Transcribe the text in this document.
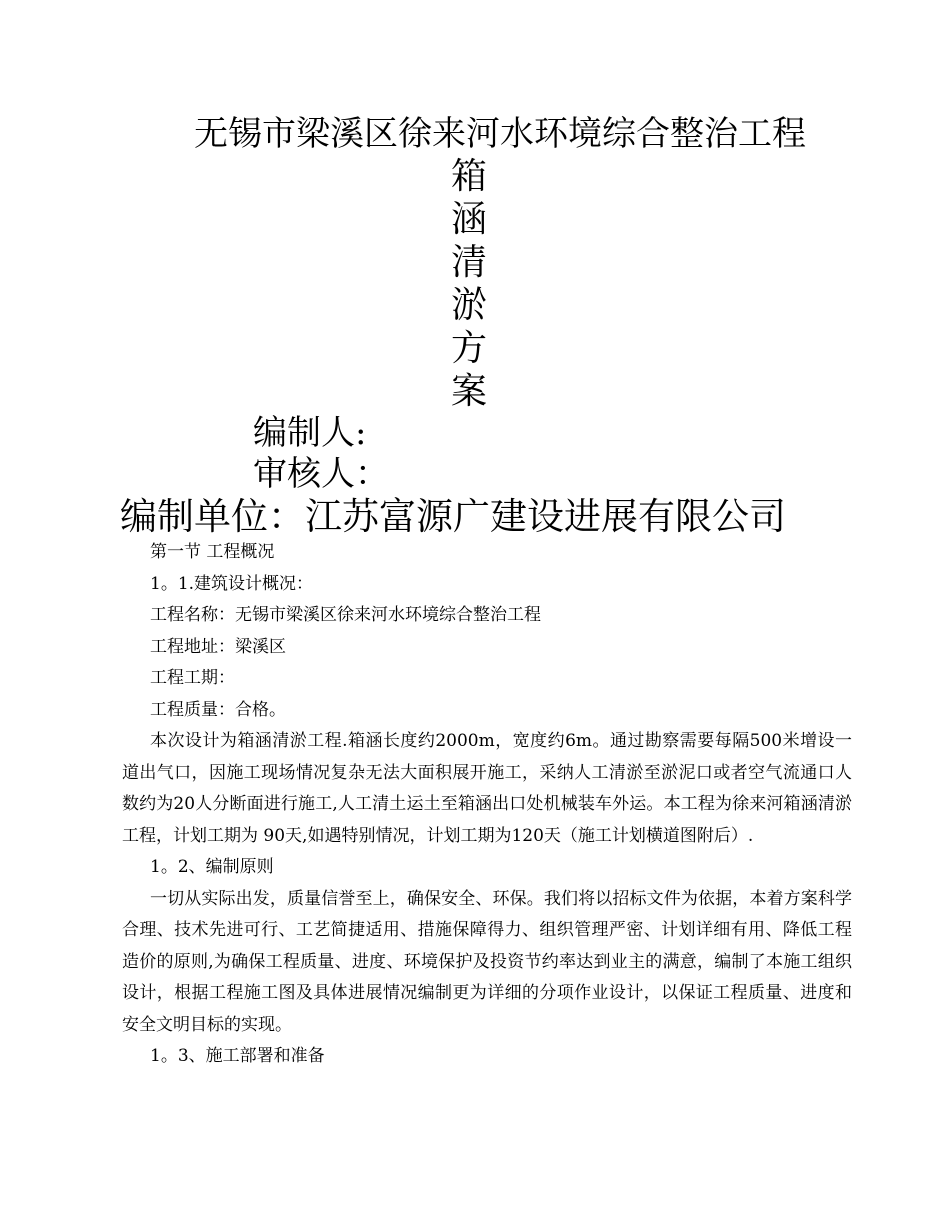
无锡市梁溪区徐来河水环境综合整治工程
箱
涵
清
淤
方
案
编制人:
审核人：
编制单位：江苏富源广建设进展有限公司

第一节 工程概况

1。1.建筑设计概况：

工程名称：无锡市梁溪区徐来河水环境综合整治工程

工程地址：梁溪区

工程工期：

工程质量：合格。

本次设计为箱涵清淤工程.箱涵长度约2000m，宽度约6m。通过勘察需要每隔500米增设一道出气口，因施工现场情况复杂无法大面积展开施工，采纳人工清淤至淤泥口或者空气流通口人数约为20人分断面进行施工,人工清土运土至箱涵出口处机械装车外运。本工程为徐来河箱涵清淤工程，计划工期为 90天,如遇特别情况，计划工期为120天（施工计划横道图附后）.

1。2、编制原则

一切从实际出发，质量信誉至上，确保安全、环保。我们将以招标文件为依据，本着方案科学合理、技术先进可行、工艺简捷适用、措施保障得力、组织管理严密、计划详细有用、降低工程造价的原则,为确保工程质量、进度、环境保护及投资节约率达到业主的满意，编制了本施工组织设计，根据工程施工图及具体进展情况编制更为详细的分项作业设计，以保证工程质量、进度和安全文明目标的实现。

1。3、施工部署和准备
